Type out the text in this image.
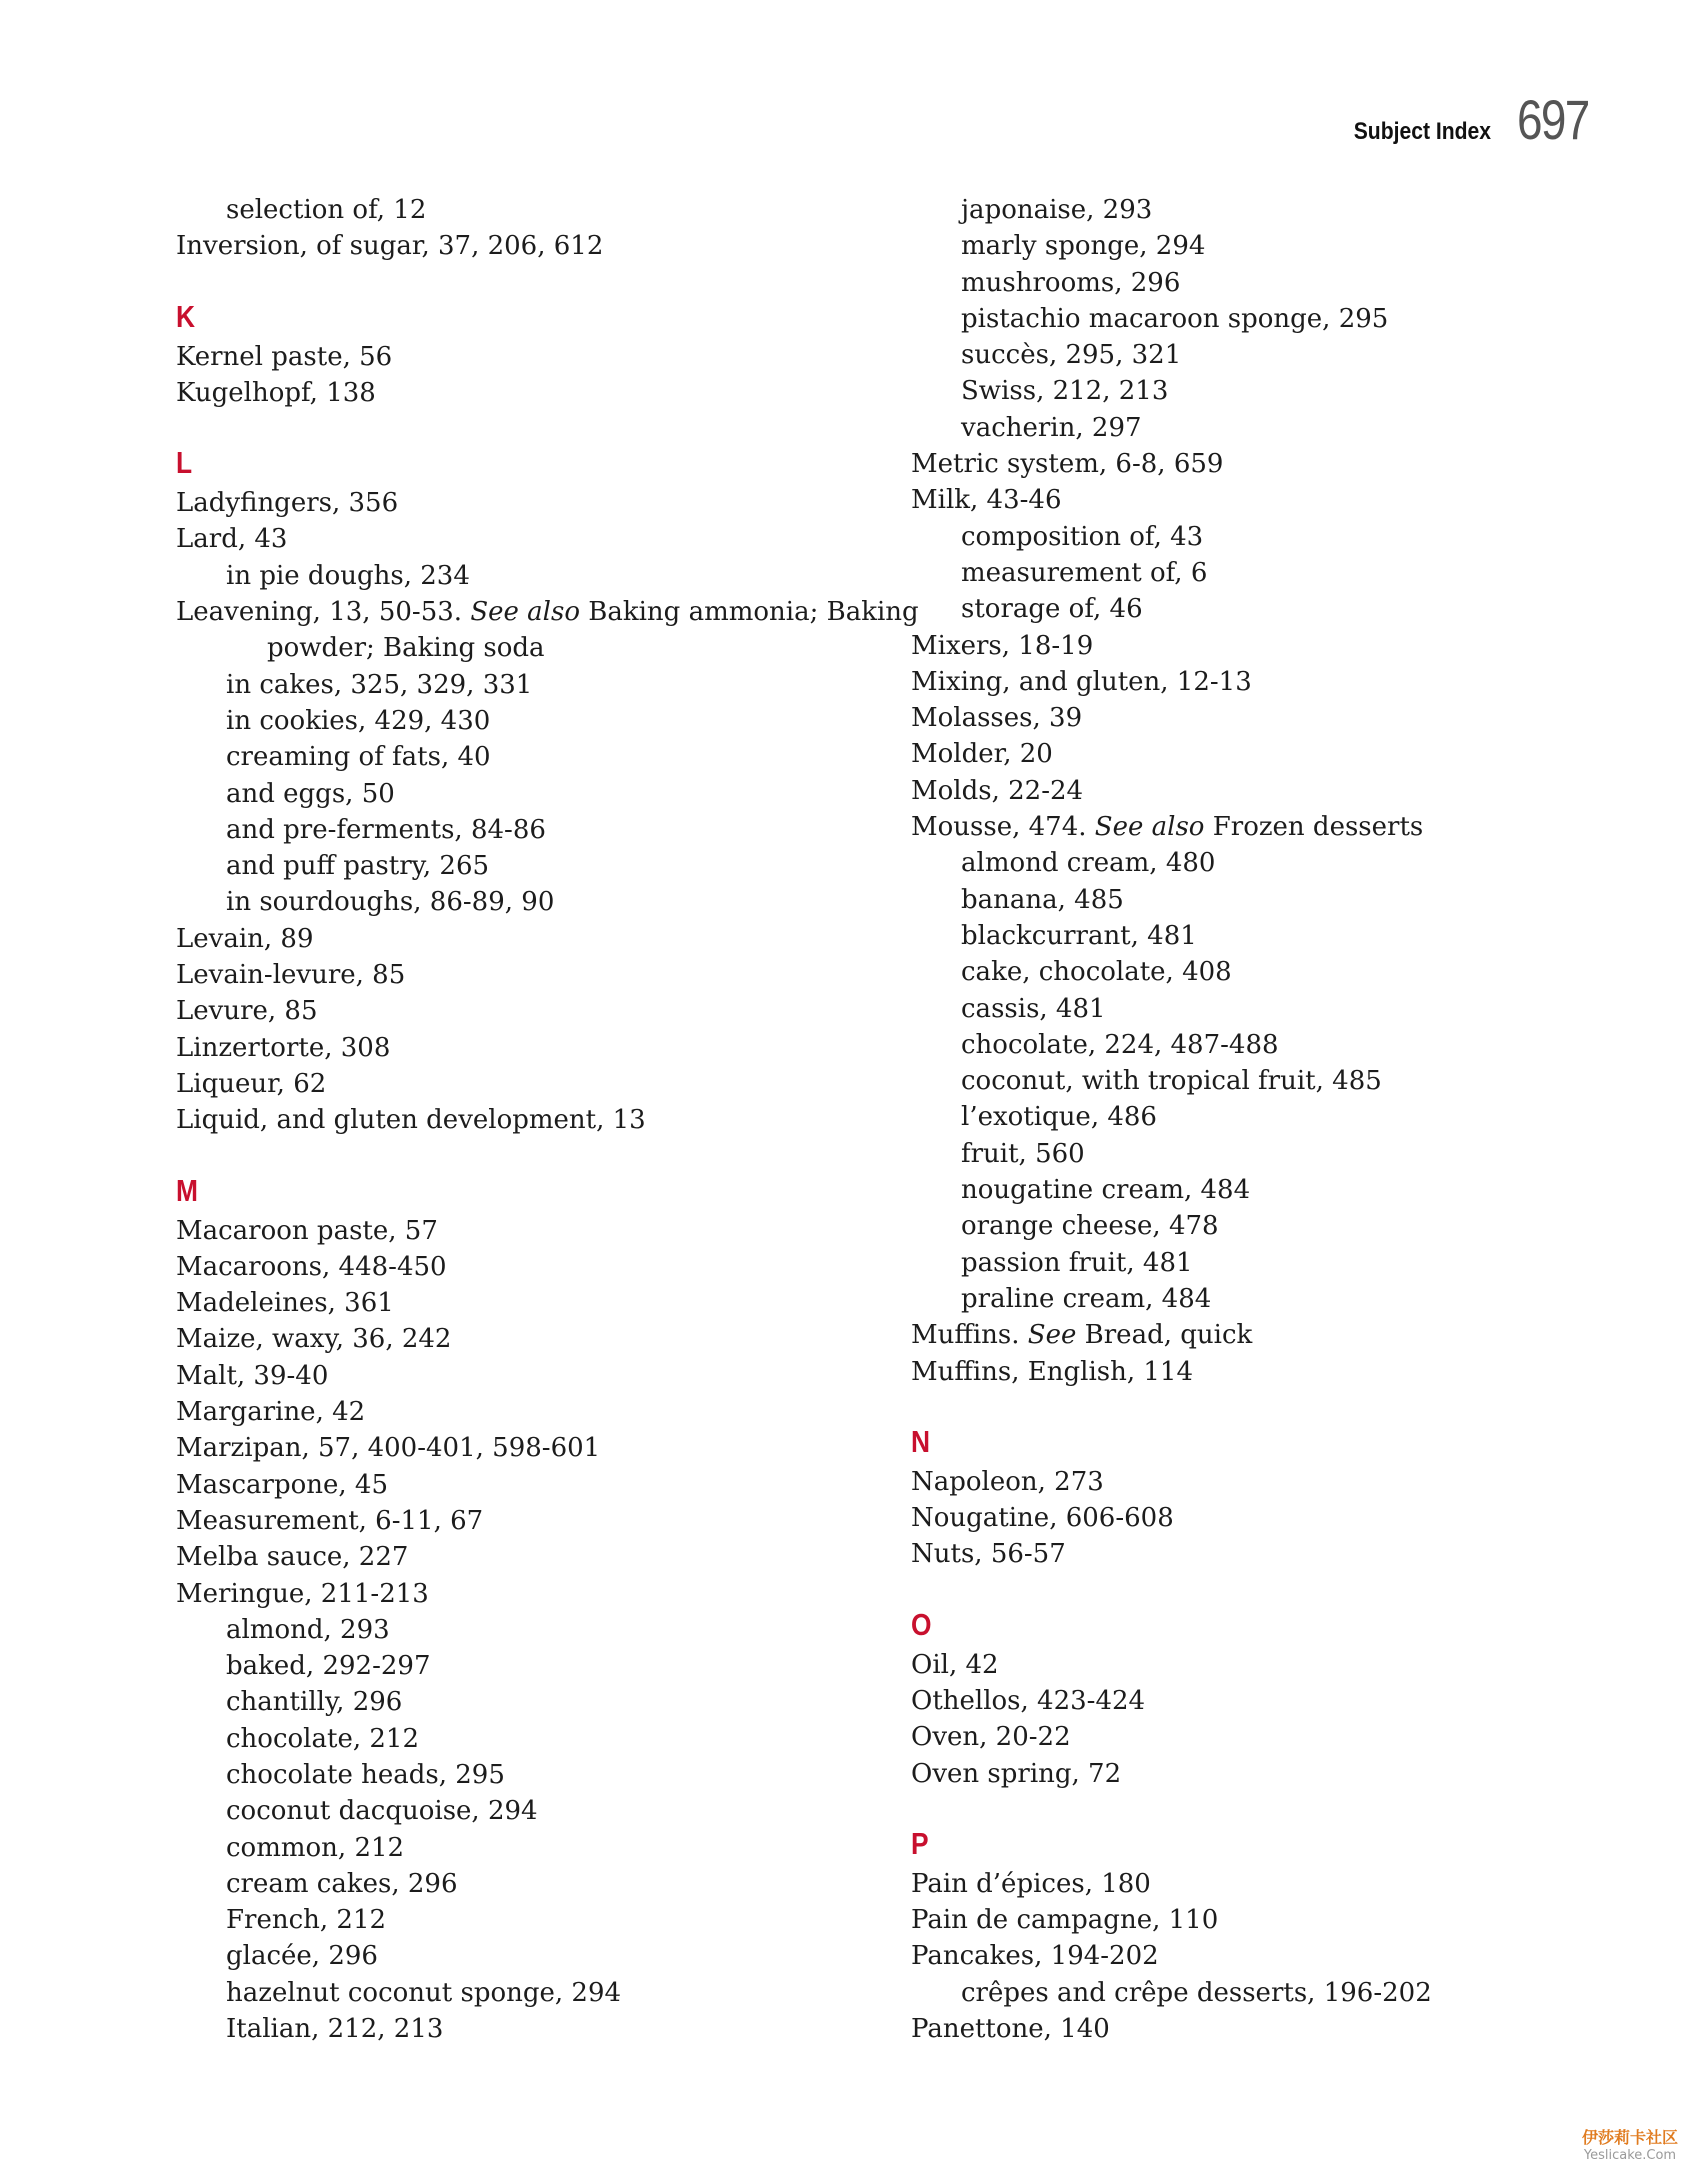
Subject Index 697
selection of, 12
Inversion, of sugar, 37, 206, 612
K
Kernel paste, 56
Kugelhopf, 138
L
Ladyfingers, 356
Lard, 43
in pie doughs, 234
Leavening, 13, 50-53. See also Baking ammonia; Baking
powder; Baking soda
in cakes, 325, 329, 331
in cookies, 429, 430
creaming of fats, 40
and eggs, 50
and pre-ferments, 84-86
and puff pastry, 265
in sourdoughs, 86-89, 90
Levain, 89
Levain-levure, 85
Levure, 85
Linzertorte, 308
Liqueur, 62
Liquid, and gluten development, 13
M
Macaroon paste, 57
Macaroons, 448-450
Madeleines, 361
Maize, waxy, 36, 242
Malt, 39-40
Margarine, 42
Marzipan, 57, 400-401, 598-601
Mascarpone, 45
Measurement, 6-11, 67
Melba sauce, 227
Meringue, 211-213
almond, 293
baked, 292-297
chantilly, 296
chocolate, 212
chocolate heads, 295
coconut dacquoise, 294
common, 212
cream cakes, 296
French, 212
glacée, 296
hazelnut coconut sponge, 294
Italian, 212, 213
japonaise, 293
marly sponge, 294
mushrooms, 296
pistachio macaroon sponge, 295
succès, 295, 321
Swiss, 212, 213
vacherin, 297
Metric system, 6-8, 659
Milk, 43-46
composition of, 43
measurement of, 6
storage of, 46
Mixers, 18-19
Mixing, and gluten, 12-13
Molasses, 39
Molder, 20
Molds, 22-24
Mousse, 474. See also Frozen desserts
almond cream, 480
banana, 485
blackcurrant, 481
cake, chocolate, 408
cassis, 481
chocolate, 224, 487-488
coconut, with tropical fruit, 485
l’exotique, 486
fruit, 560
nougatine cream, 484
orange cheese, 478
passion fruit, 481
praline cream, 484
Muffins. See Bread, quick
Muffins, English, 114
N
Napoleon, 273
Nougatine, 606-608
Nuts, 56-57
O
Oil, 42
Othellos, 423-424
Oven, 20-22
Oven spring, 72
P
Pain d’épices, 180
Pain de campagne, 110
Pancakes, 194-202
crêpes and crêpe desserts, 196-202
Panettone, 140
伊莎莉卡社区
Yeslicake.Com
